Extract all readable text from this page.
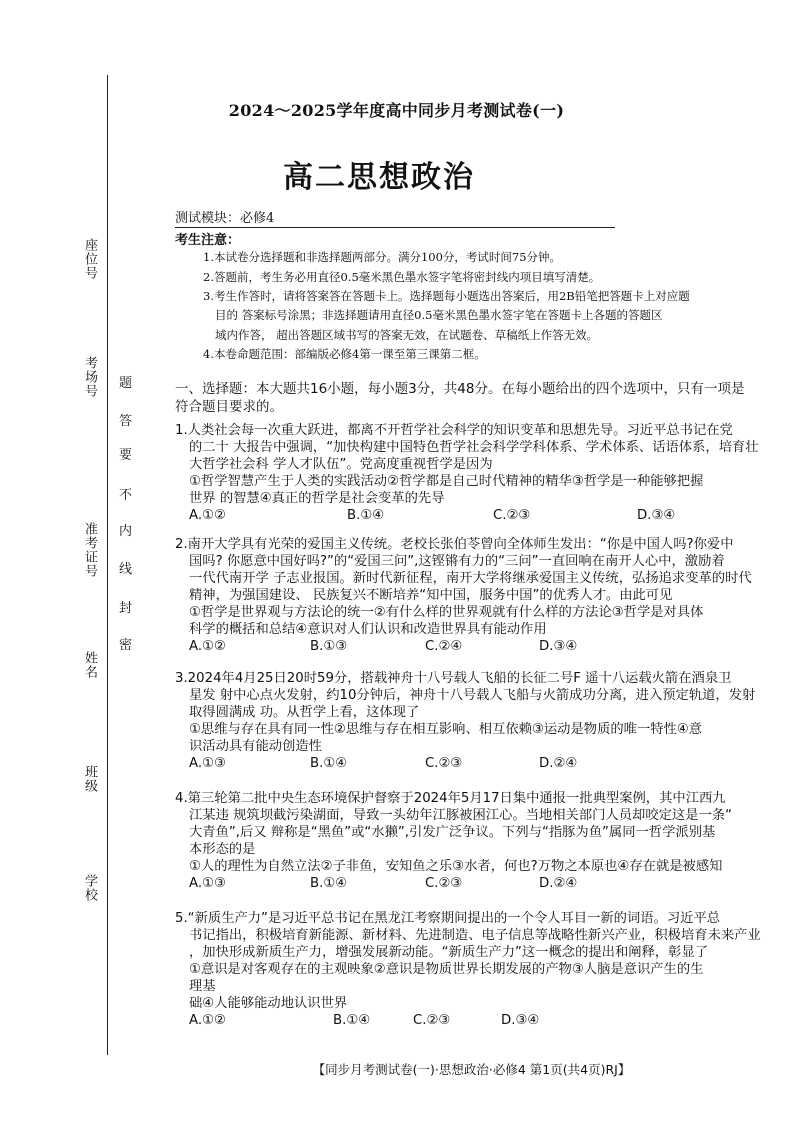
座位号
考场号
准考证号
姓名
班级
学校
题
答
要
不
内
线
封
密
2024～2025学年度高中同步月考测试卷(一)
高二思想政治
测试模块：必修4
考生注意：
1.本试卷分选择题和非选择题两部分。满分100分，考试时间75分钟。
2.答题前，考生务必用直径0.5毫米黑色墨水签字笔将密封线内项目填写清楚。
3.考生作答时，请将答案答在答题卡上。选择题每小题选出答案后，用2B铅笔把答题卡上对应题
目的 答案标号涂黑；非选择题请用直径0.5毫米黑色墨水签字笔在答题卡上各题的答题区
域内作答， 超出答题区域书写的答案无效，在试题卷、草稿纸上作答无效。
4.本卷命题范围：部编版必修4第一课至第三课第二框。

一、选择题：本大题共16小题，每小题3分，共48分。在每小题给出的四个选项中，只有一项是

符合题目要求的。

1.人类社会每一次重大跃进，都离不开哲学社会科学的知识变革和思想先导。习近平总书记在党

的二十 大报告中强调，“加快构建中国特色哲学社会科学学科体系、学术体系、话语体系，培育壮

大哲学社会科 学人才队伍”。党高度重视哲学是因为

①哲学智慧产生于人类的实践活动②哲学都是自己时代精神的精华③哲学是一种能够把握

世界 的智慧④真正的哲学是社会变革的先导

A.①②	B.①④	C.②③	D.③④

2.南开大学具有光荣的爱国主义传统。老校长张伯苓曾向全体师生发出：“你是中国人吗?你爱中

国吗? 你愿意中国好吗?”的“爱国三问”,这铿锵有力的“三问”一直回响在南开人心中，激励着

一代代南开学 子志业报国。新时代新征程，南开大学将继承爱国主义传统，弘扬追求变革的时代

精神，为强国建设、 民族复兴不断培养“知中国，服务中国”的优秀人才。由此可见

①哲学是世界观与方法论的统一②有什么样的世界观就有什么样的方法论③哲学是对具体

科学的概括和总结④意识对人们认识和改造世界具有能动作用

A.①②	B.①③	C.②④	D.③④

3.2024年4月25日20时59分，搭载神舟十八号载人飞船的长征二号F 遥十八运载火箭在酒泉卫

星发 射中心点火发射，约10分钟后，神舟十八号载人飞船与火箭成功分离，进入预定轨道，发射

取得圆满成 功。从哲学上看，这体现了

①思维与存在具有同一性②思维与存在相互影响、相互依赖③运动是物质的唯一特性④意

识活动具有能动创造性

A.①③	B.①④	C.②③	D.②④

4.第三轮第二批中央生态环境保护督察于2024年5月17日集中通报一批典型案例，其中江西九

江某违 规筑坝截污染湖面，导致一头幼年江豚被困江心。当地相关部门人员却咬定这是一条“

大青鱼”,后又 辩称是“黑鱼”或“水獭”,引发广泛争议。下列与“指豚为鱼”属同一哲学派别基

本形态的是

①人的理性为自然立法②子非鱼，安知鱼之乐③水者，何也?万物之本原也④存在就是被感知

A.①③	B.①④	C.②③	D.②④

5.“新质生产力”是习近平总书记在黑龙江考察期间提出的一个令人耳目一新的词语。习近平总

书记指出，积极培育新能源、新材料、先进制造、电子信息等战略性新兴产业，积极培育未来产业

，加快形成新质生产力，增强发展新动能。“新质生产力”这一概念的提出和阐释，彰显了

①意识是对客观存在的主观映象②意识是物质世界长期发展的产物③人脑是意识产生的生

理基

础④人能够能动地认识世界

A.①②	B.①④	C.②③	D.③④
【同步月考测试卷(一)·思想政治·必修4 第1页(共4页)RJ】
